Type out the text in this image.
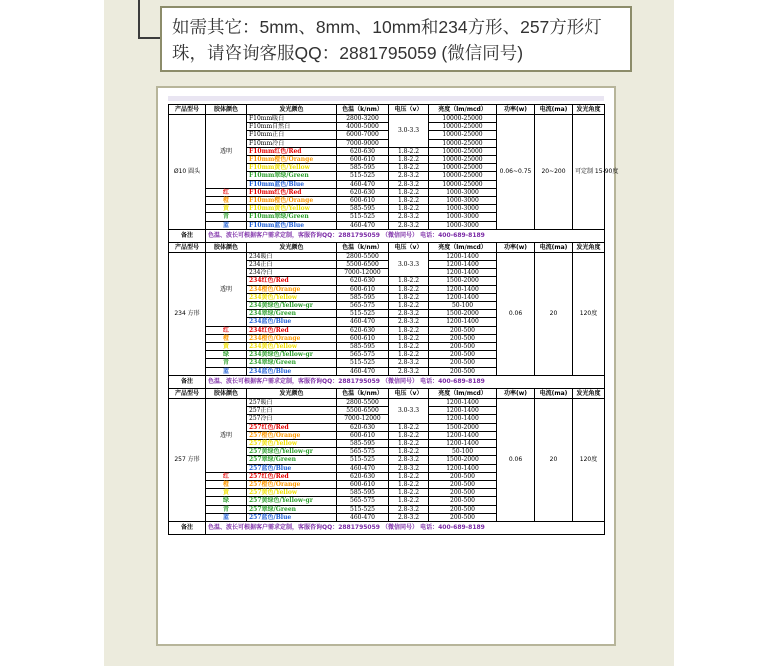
如需其它：5mm、8mm、10mm和234方形、257方形灯珠，请咨询客服QQ：2881795059 (微信同号)
产品型号	胶体颜色	发光颜色	色温（k/nm）	电压（v）	亮度（lm/mcd）	功率(w)	电流(ma)	发光角度
Ø10 圆头	透明	F10mm暖白	2800-3200	3.0-3.3	10000-25000	0.06~0.75	20~200	可定制 15-90度
		F10mm自然白	4000-5000		10000-25000			
		F10mm正白	6000-7000		10000-25000			
		F10mm冷白	7000-9000		10000-25000			
		F10mm红色/Red	620-630	1.8-2.2	10000-25000			
		F10mm橙色/Orange	600-610	1.8-2.2	10000-25000			
		F10mm黄色/Yellow	585-595	1.8-2.2	10000-25000			
		F10mm翠绿/Green	515-525	2.8-3.2	10000-25000			
		F10mm蓝色/Blue	460-470	2.8-3.2	10000-25000			
	红	F10mm红色/Red	620-630	1.8-2.2	1000-3000			
	橙	F10mm橙色/Orange	600-610	1.8-2.2	1000-3000			
	黄	F10mm黄色/Yellow	585-595	1.8-2.2	1000-3000			
	青	F10mm翠绿/Green	515-525	2.8-3.2	1000-3000			
	蓝	F10mm蓝色/Blue	460-470	2.8-3.2	1000-3000			
备注	色温、波长可根据客户需求定制，客服咨询QQ：2881795059 （微信同号） 电话：400-689-8189							
产品型号	胶体颜色	发光颜色	色温（k/nm）	电压（v）	亮度（lm/mcd）	功率(w)	电流(ma)	发光角度
234 方形	透明	234暖白	2800-5500	3.0-3.3	1200-1400	0.06	20	120度
		234正白	5500-6500		1200-1400			
		234冷白	7000-12000		1200-1400			
		234红色/Red	620-630	1.8-2.2	1500-2000			
		234橙色/Orange	600-610	1.8-2.2	1200-1400			
		234黄色/Yellow	585-595	1.8-2.2	1200-1400			
		234黄绿色/Yellow-gr	565-575	1.8-2.2	50-100			
		234翠绿/Green	515-525	2.8-3.2	1500-2000			
		234蓝色/Blue	460-470	2.8-3.2	1200-1400			
	红	234红色/Red	620-630	1.8-2.2	200-500			
	橙	234橙色/Orange	600-610	1.8-2.2	200-500			
	黄	234黄色/Yellow	585-595	1.8-2.2	200-500			
	绿	234黄绿色/Yellow-gr	565-575	1.8-2.2	200-500			
	青	234翠绿/Green	515-525	2.8-3.2	200-500			
	蓝	234蓝色/Blue	460-470	2.8-3.2	200-500			
备注	色温、波长可根据客户需求定制，客服咨询QQ：2881795059 （微信同号） 电话：400-689-8189							
产品型号	胶体颜色	发光颜色	色温（k/nm）	电压（v）	亮度（lm/mcd）	功率(w)	电流(ma)	发光角度
257 方形	透明	257暖白	2800-5500	3.0-3.3	1200-1400	0.06	20	120度
		257正白	5500-6500		1200-1400			
		257冷白	7000-12000		1200-1400			
		257红色/Red	620-630	1.8-2.2	1500-2000			
		257橙色/Orange	600-610	1.8-2.2	1200-1400			
		257黄色/Yellow	585-595	1.8-2.2	1200-1400			
		257黄绿色/Yellow-gr	565-575	1.8-2.2	50-100			
		257翠绿/Green	515-525	2.8-3.2	1500-2000			
		257蓝色/Blue	460-470	2.8-3.2	1200-1400			
	红	257红色/Red	620-630	1.8-2.2	200-500			
	橙	257橙色/Orange	600-610	1.8-2.2	200-500			
	黄	257黄色/Yellow	585-595	1.8-2.2	200-500			
	绿	257黄绿色/Yellow-gr	565-575	1.8-2.2	200-500			
	青	257翠绿/Green	515-525	2.8-3.2	200-500			
	蓝	257蓝色/Blue	460-470	2.8-3.2	200-500			
备注	色温、波长可根据客户需求定制，客服咨询QQ：2881795059 （微信同号） 电话：400-689-8189							
